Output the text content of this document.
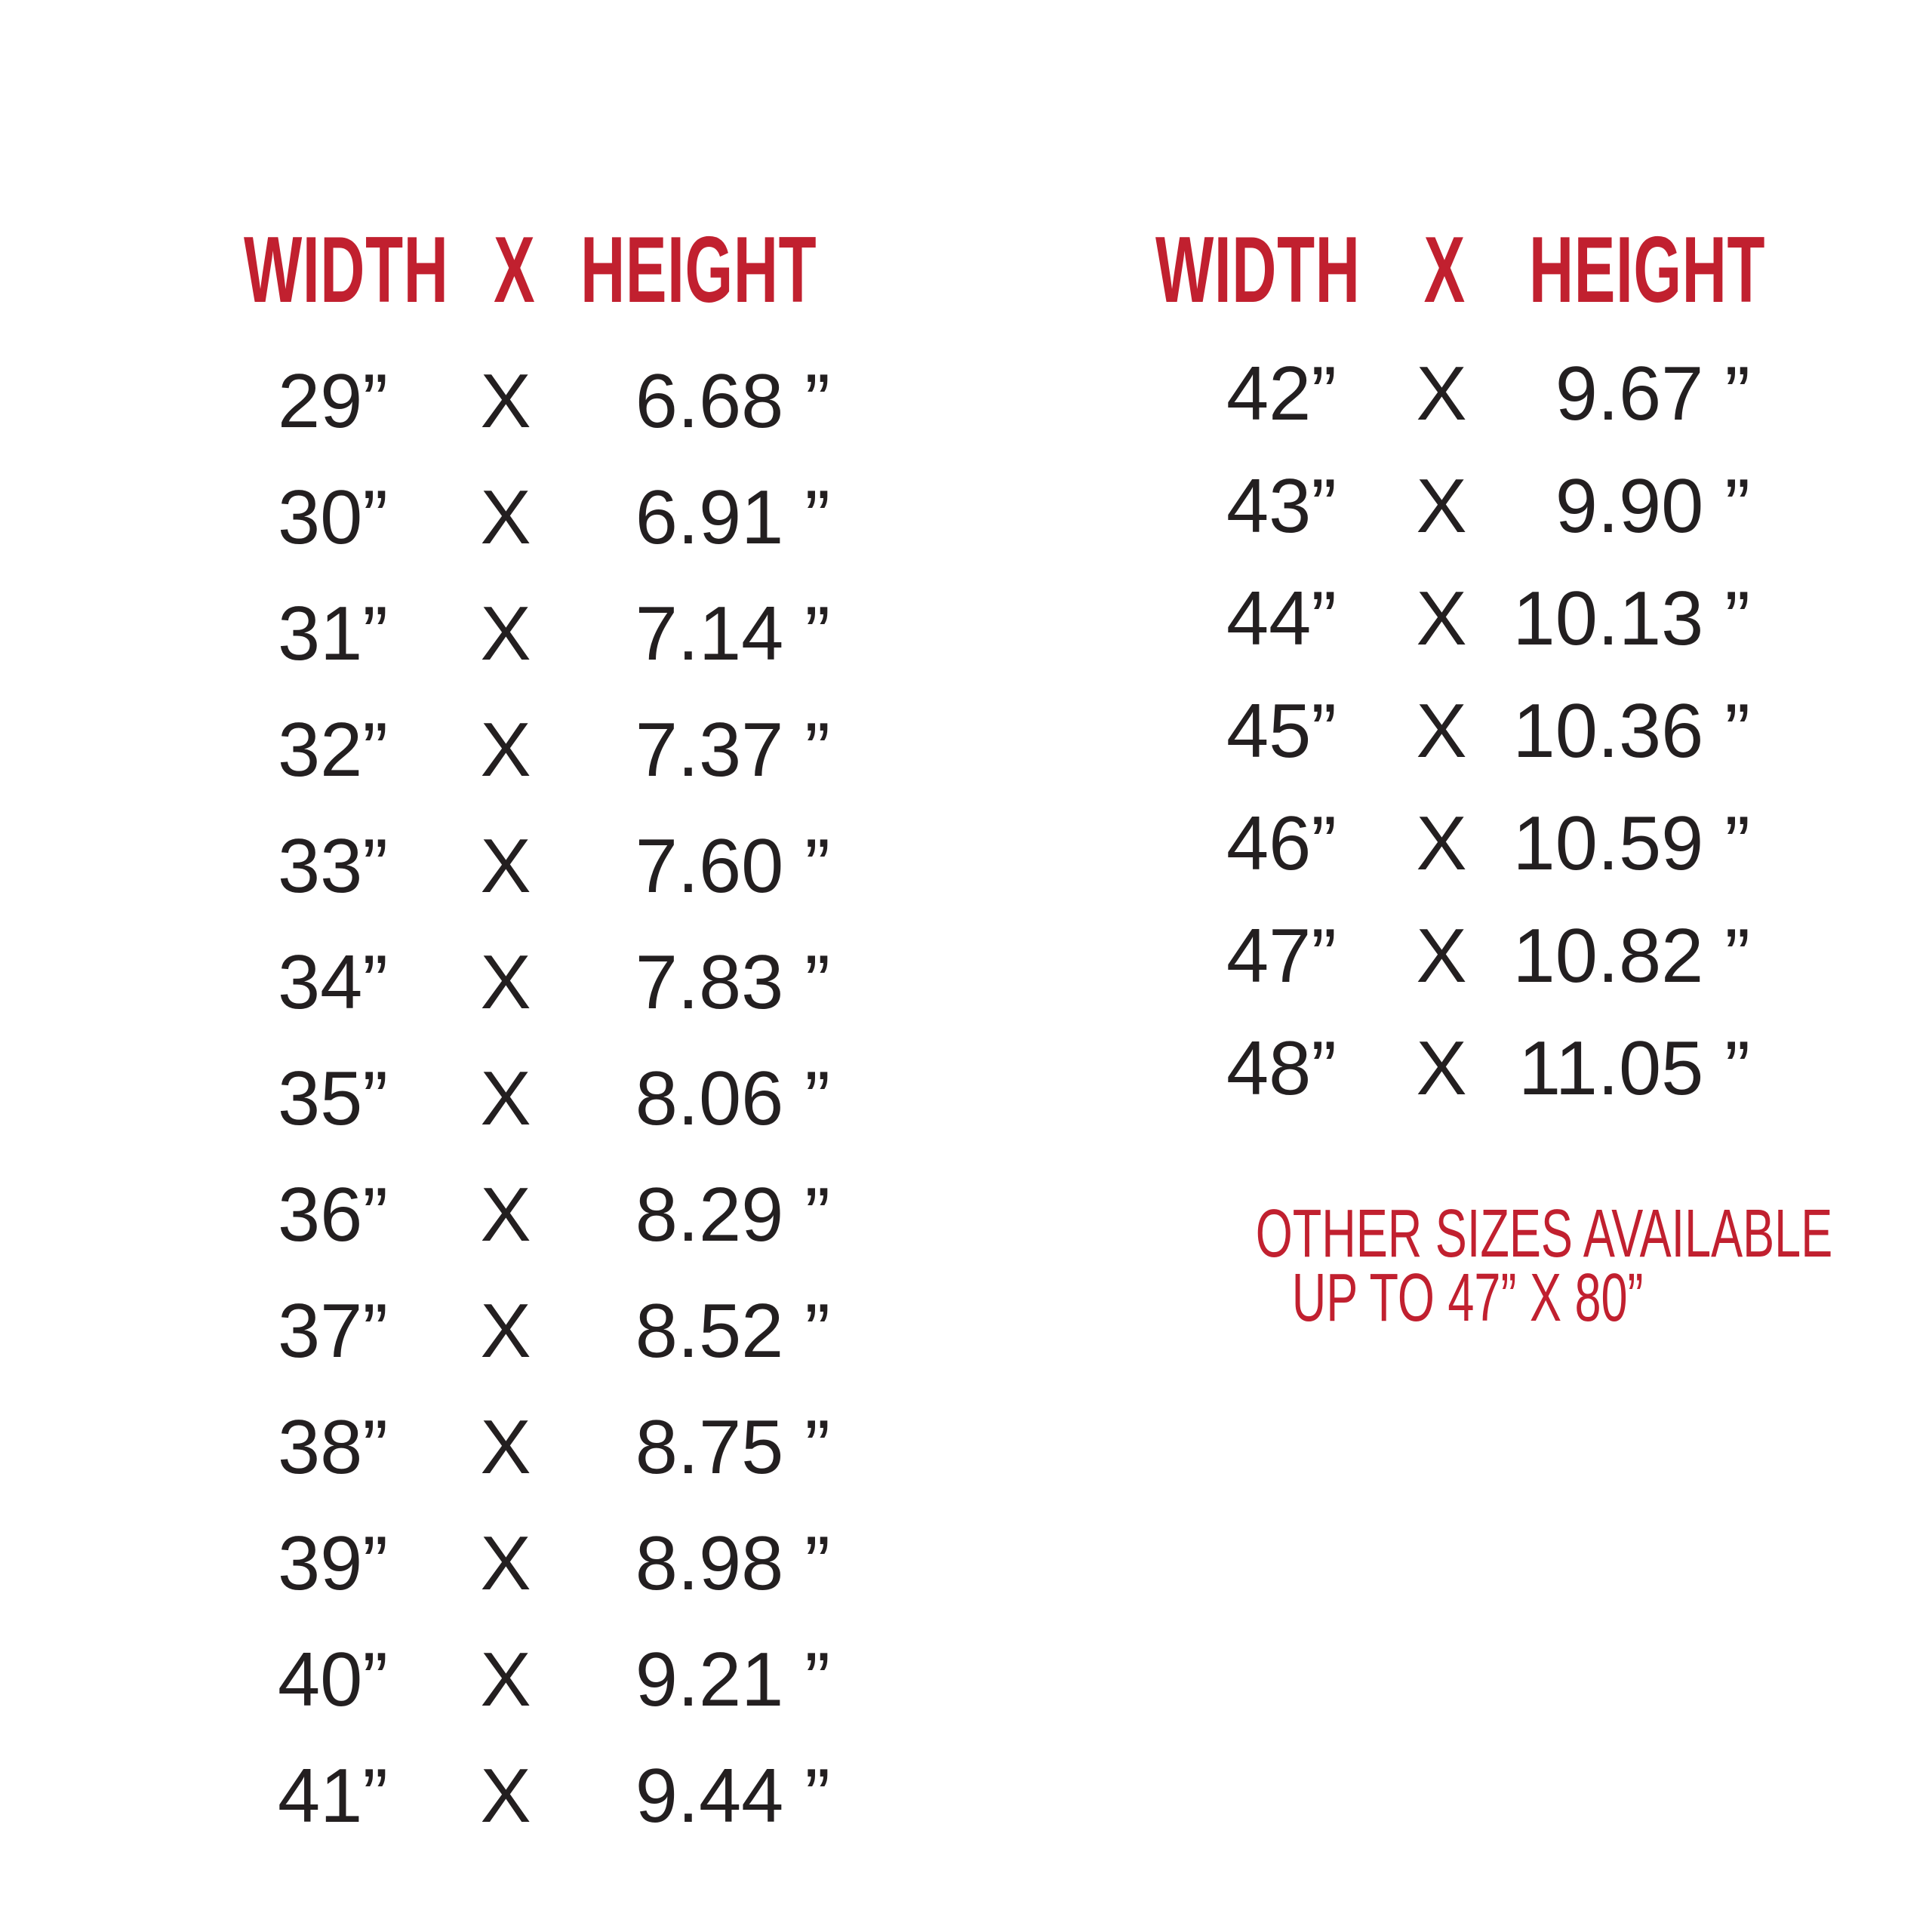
WIDTH X HEIGHT	WIDTH X HEIGHT
29” X 6.68 ”
30” X 6.91 ”
31” X 7.14 ”
32” X 7.37 ”
33” X 7.60 ”
34” X 7.83 ”
35” X 8.06 ”
36” X 8.29 ”
37” X 8.52 ”
38” X 8.75 ”
39” X 8.98 ”
40” X 9.21 ”
41” X 9.44 ”
42” X 9.67 ”
43” X 9.90 ”
44” X 10.13 ”
45” X 10.36 ”
46” X 10.59 ”
47” X 10.82 ”
48” X 11.05 ”
OTHER SIZES AVAILABLE
UP TO 47” X 80”
